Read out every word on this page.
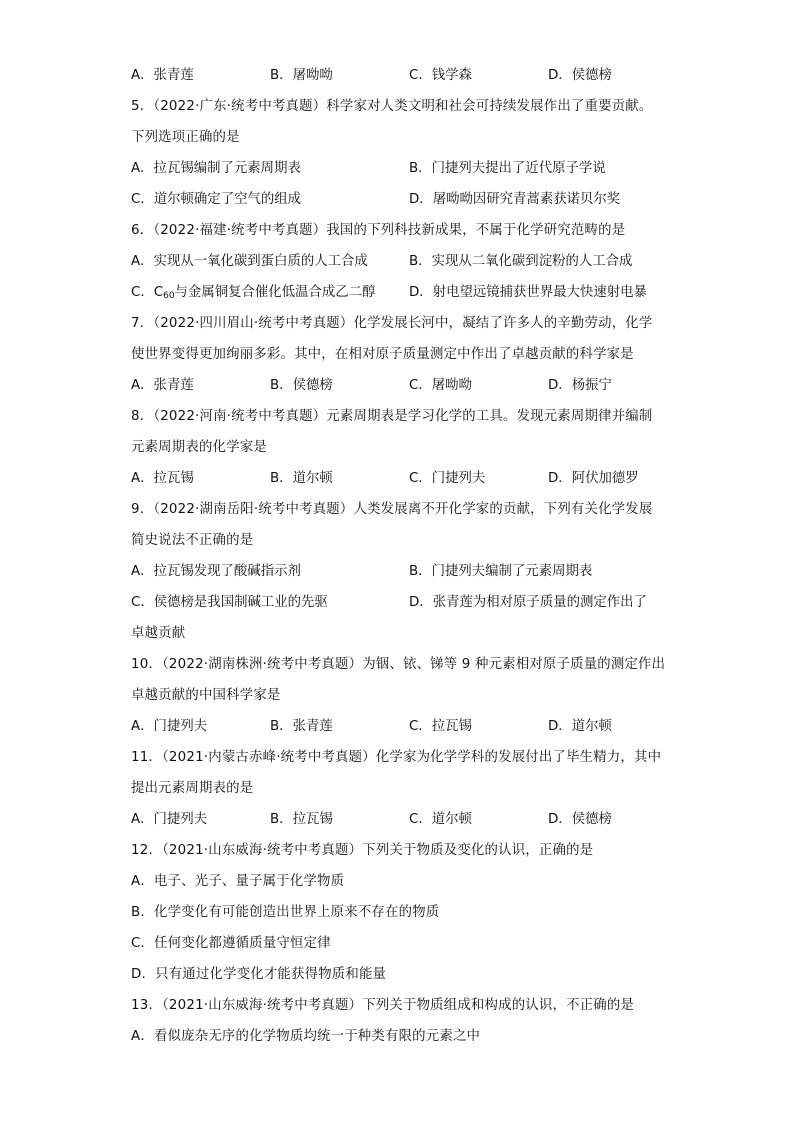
A．张青莲	B．屠呦呦	C．钱学森	D．侯德榜
5．（2022·广东·统考中考真题）科学家对人类文明和社会可持续发展作出了重要贡献。
下列选项正确的是
A．拉瓦锡编制了元素周期表	B．门捷列夫提出了近代原子学说
C．道尔顿确定了空气的组成	D．屠呦呦因研究青蒿素获诺贝尔奖
6．（2022·福建·统考中考真题）我国的下列科技新成果，不属于化学研究范畴的是
A．实现从一氧化碳到蛋白质的人工合成	B．实现从二氧化碳到淀粉的人工合成
C．$C_{60}$与金属铜复合催化低温合成乙二醇	D．射电望远镜捕获世界最大快速射电暴
7．（2022·四川眉山·统考中考真题）化学发展长河中，凝结了许多人的辛勤劳动，化学
使世界变得更加绚丽多彩。其中，在相对原子质量测定中作出了卓越贡献的科学家是
A．张青莲	B．侯德榜	C．屠呦呦	D．杨振宁
8．（2022·河南·统考中考真题）元素周期表是学习化学的工具。发现元素周期律并编制
元素周期表的化学家是
A．拉瓦锡	B．道尔顿	C．门捷列夫	D．阿伏加德罗
9．（2022·湖南岳阳·统考中考真题）人类发展离不开化学家的贡献，下列有关化学发展
简史说法不正确的是
A．拉瓦锡发现了酸碱指示剂	B．门捷列夫编制了元素周期表
C．侯德榜是我国制碱工业的先驱	D．张青莲为相对原子质量的测定作出了
卓越贡献
10．（2022·湖南株洲·统考中考真题）为铟、铱、锑等 9 种元素相对原子质量的测定作出
卓越贡献的中国科学家是
A．门捷列夫	B．张青莲	C．拉瓦锡	D．道尔顿
11．（2021·内蒙古赤峰·统考中考真题）化学家为化学学科的发展付出了毕生精力，其中
提出元素周期表的是
A．门捷列夫	B．拉瓦锡	C．道尔顿	D．侯德榜
12．（2021·山东威海·统考中考真题）下列关于物质及变化的认识，正确的是
A．电子、光子、量子属于化学物质
B．化学变化有可能创造出世界上原来不存在的物质
C．任何变化都遵循质量守恒定律
D．只有通过化学变化才能获得物质和能量
13．（2021·山东威海·统考中考真题）下列关于物质组成和构成的认识，不正确的是
A．看似庞杂无序的化学物质均统一于种类有限的元素之中
